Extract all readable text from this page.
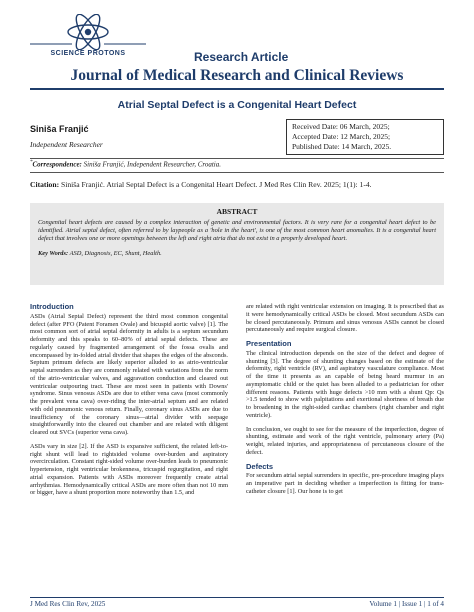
SCIENCE PROTONS	Research Article
Journal of Medical Research and Clinical Reviews
Atrial Septal Defect is a Congenital Heart Defect
Siniša Franjić
Independent Researcher
Received Date: 06 March, 2025;
Accepted Date: 12 March, 2025;
Published Date: 14 March, 2025.
*Correspondence: Siniša Franjić, Independent Researcher, Croatia.
Citation: Siniša Franjić. Atrial Septal Defect is a Congenital Heart Defect. J Med Res Clin Rev. 2025; 1(1): 1-4.
ABSTRACT
Congenital heart defects are caused by a complex interaction of genetic and environmental factors. It is very rare for a congenital heart defect to be identified. Atrial septal defect, often referred to by laypeople as a 'hole in the heart', is one of the most common heart anomalies. It is a congenital heart defect that involves one or more openings between the left and right atria that do not exist in a properly developed heart.
Key Words: ASD, Diagnosis, EC, Shunt, Health.
Introduction
ASDs (Atrial Septal Defect) represent the third most common congenital defect (after PFO (Patent Foramen Ovale) and bicuspid aortic valve) [1]. The most common sort of atrial septal deformity in adults is a septum secundum deformity and this speaks to 60–80% of atrial septal defects. These are regularly caused by fragmented arrangement of the fossa ovalis and encompassed by in-folded atrial divider that shapes the edges of the absconds. Septum primum defects are likely superior alluded to as atrio-ventricular septal surrenders as they are commonly related with variations from the norm of the atrio-ventricular valves, and aggravation conduction and cleared out ventricular outpouring tract. These are most seen in patients with Downs' syndrome. Sinus venosus ASDs are due to either vena cava (most commonly the prevalent vena cava) over-riding the inter-atrial septum and are related with odd pneumonic venous return. Finally, coronary sinus ASDs are due to insufficiency of the coronary sinus—atrial divider with seepage straightforwardly into the cleared out chamber and are related with diligent cleared out SVCs (superior vena cava).
ASDs vary in size [2]. If the ASD is expansive sufficient, the related left-to-right shunt will lead to rightsided volume over-burden and aspiratory overcirculation. Constant right-sided volume over-burden leads to pneumonic hypertension, right ventricular brokenness, tricuspid regurgitation, and right atrial expansion. Patients with ASDs moreover frequently create atrial arrhythmias. Hemodynamically critical ASDs are more often than not 10 mm or bigger, have a shunt proportion more noteworthy than 1.5, and
are related with right ventricular extension on imaging. It is prescribed that as it were hemodynamically critical ASDs be closed. Most secundum ASDs can be closed percutaneously. Primum and sinus venosus ASDs cannot be closed percutaneously and require surgical closure.
Presentation
The clinical introduction depends on the size of the defect and degree of shunting [3]. The degree of shunting changes based on the estimate of the deformity, right ventricle (RV), and aspiratory vasculature compliance. Most of the time it presents as an capable of being heard murmur in an asymptomatic child or the quiet has been alluded to a pediatrician for other different reasons. Patients with huge defects >10 mm with a shunt Qp: Qs >1.5 tended to show with palpitations and exertional shortness of breath due to broadening in the right-sided cardiac chambers (right chamber and right ventricle).
In conclusion, we ought to see for the measure of the imperfection, degree of shunting, estimate and work of the right ventricle, pulmonary artery (Pa) weight, related injuries, and appropriateness of percutaneous closure of the defect.
Defects
For secundum atrial septal surrenders in specific, pre-procedure imaging plays an imperative part in deciding whether a imperfection is fitting for trans-catheter closure [1]. Our hone is to get
J Med Res Clin Rev, 2025	Volume 1 | Issue 1 | 1 of 4
